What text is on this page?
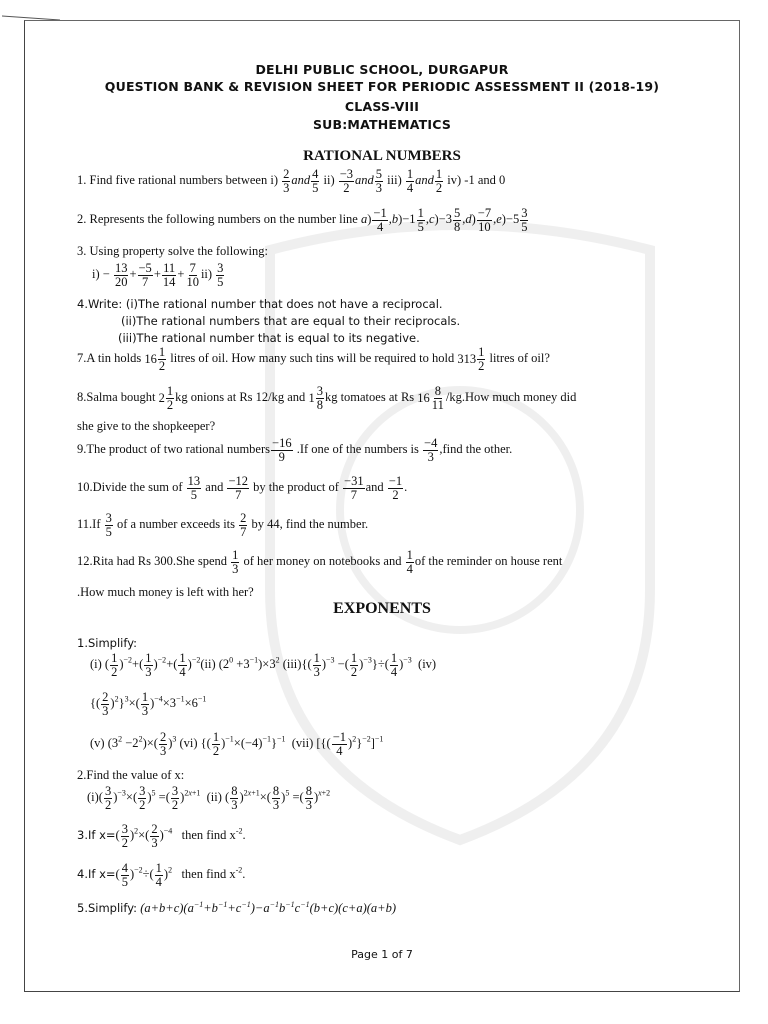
DELHI PUBLIC SCHOOL, DURGAPUR
QUESTION BANK & REVISION SHEET FOR PERIODIC ASSESSMENT II (2018-19)
CLASS-VIII
SUB:MATHEMATICS
RATIONAL NUMBERS
1. Find five rational numbers between $i) \frac{2}{3}$ and $\frac{4}{5} ii) \frac{-3}{2}$ and $\frac{5}{3} iii) \frac{1}{4}$ and $\frac{1}{2} iv$) -1 and 0
2. Represents the following numbers on the number line $a) \frac{-1}{4} ,b)-1 \frac{1}{5} ,c)-3 \frac{5}{8} ,d) \frac{-7}{10} ,e)-5 \frac{3}{5}$
3. Using property solve the following:
$i) - \frac{13}{20} + \frac{-5}{7} + \frac{11}{14} + \frac{7}{10} ii) \frac{3}{5}$
4.Write: (i)The rational number that does not have a reciprocal.
(ii)The rational numbers that are equal to their reciprocals.
(iii)The rational number that is equal to its negative.
7.A tin holds $16 \frac{1}{2}$ litres of oil. How many such tins will be required to hold $313 \frac{1}{2}$ litres of oil?
8.Salma bought $2 \frac{1}{2}$ kg onions at Rs 12/kg and $1 \frac{3}{8}$ kg tomatoes at Rs $16 \frac{8}{11} /kg.How$ much money did
she give to the shopkeeper?
9.The product of two rational numbers $\frac{-16}{9} .If$ one of the numbers is $\frac{-4}{3}$ ,find the other.
10.Divide the sum of $\frac{13}{5}$ and $\frac{-12}{7}$ by the product of $\frac{-31}{7}$ and $\frac{-1}{2}$ .
$11.If \frac{3}{5}$ of a number exceeds its $\frac{2}{7}$ by 44, find the number.
12.Rita had Rs 300.She spend $\frac{1}{3}$ of her money on notebooks and $\frac{1}{4}$ of the reminder on house rent
.How much money is left with her?
EXPONENTS
1.Simplify:
(i) ( $\frac{1}{2} )^{-2}+( \frac{1}{3} )^{-2}+( \frac{1}{4} )^{-2}(ii)$ $(2^0 +3^{-1})\times 3^2$ $(iii)\{( \frac{1}{3} )^{-3}$ −( $\frac{1}{2} )^{-3}\}\div( \frac{1}{4} )^{-3}$  (iv)
{( $\frac{2}{3} )^2\}^3\times( \frac{1}{3} )^{-4}\times 3^{-1}\times 6^{-1}$
(v) $(3^2 -2^2)\times( \frac{2}{3} )^3$ (vi) {( $\frac{1}{2} )^{-1}\times(-4)^{-1}\}^{-1}$  (vii) [{( $\frac{-1}{4} )^2\}^{-2}]^{-1}$
2.Find the value of x:
$(i)( \frac{3}{2} )^{-3}\times( \frac{3}{2} )^5$ =( $\frac{3}{2} )^{2x+1}$  (ii) ( $\frac{8}{3} )^{2x+1}\times( \frac{8}{3} )^5$ =( $\frac{8}{3} )^{x+2}$
3.If $x=( \frac{3}{2} )^2\times( \frac{2}{3} )^{-4}$ then find $x^{-2}$.
4.If $x=( \frac{4}{5} )^{-2}\div( \frac{1}{4} )^2$ then find $x^{-2}$.
5.Simplify: $(a+b+c)(a^{-1}+b^{-1}+c^{-1})-a^{-1}b^{-1}c^{-1}(b+c)(c+a)(a+b)$
Page 1 of 7
